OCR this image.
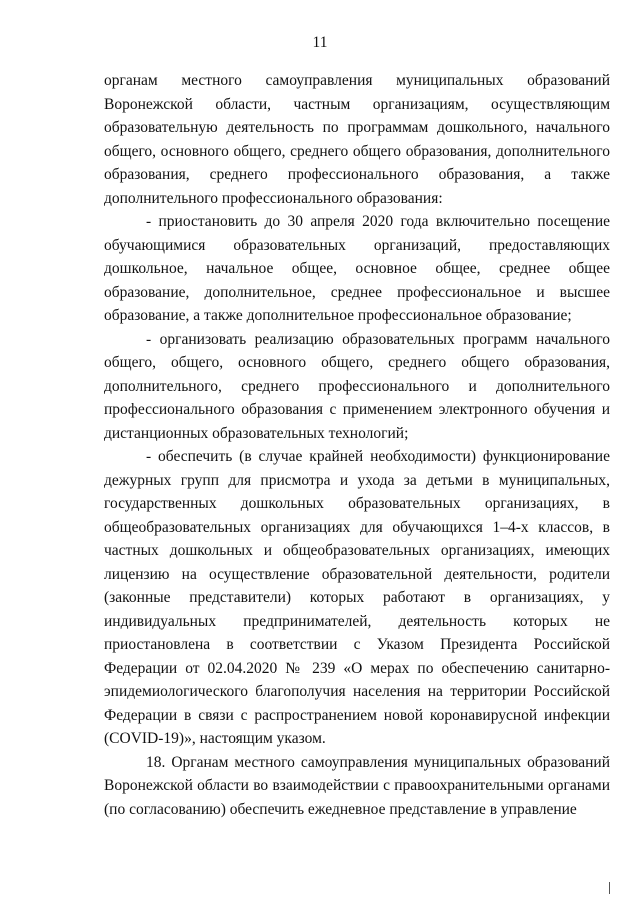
11

органам местного самоуправления муниципальных образований Воронежской области, частным организациям, осуществляющим образовательную деятельность по программам дошкольного, начального общего, основного общего, среднего общего образования, дополнительного образования, среднего профессионального образования, а также дополнительного профессионального образования:

- приостановить до 30 апреля 2020 года включительно посещение обучающимися образовательных организаций, предоставляющих дошкольное, начальное общее, основное общее, среднее общее образование, дополнительное, среднее профессиональное и высшее образование, а также дополнительное профессиональное образование;

- организовать реализацию образовательных программ начального общего, общего, основного общего, среднего общего образования, дополнительного, среднего профессионального и дополнительного профессионального образования с применением электронного обучения и дистанционных образовательных технологий;

- обеспечить (в случае крайней необходимости) функционирование дежурных групп для присмотра и ухода за детьми в муниципальных, государственных дошкольных образовательных организациях, в общеобразовательных организациях для обучающихся 1–4-х классов, в частных дошкольных и общеобразовательных организациях, имеющих лицензию на осуществление образовательной деятельности, родители (законные представители) которых работают в организациях, у индивидуальных предпринимателей, деятельность которых не приостановлена в соответствии с Указом Президента Российской Федерации от 02.04.2020 № 239 «О мерах по обеспечению санитарно-эпидемиологического благополучия населения на территории Российской Федерации в связи с распространением новой коронавирусной инфекции (COVID-19)», настоящим указом.

18. Органам местного самоуправления муниципальных образований Воронежской области во взаимодействии с правоохранительными органами (по согласованию) обеспечить ежедневное представление в управление
